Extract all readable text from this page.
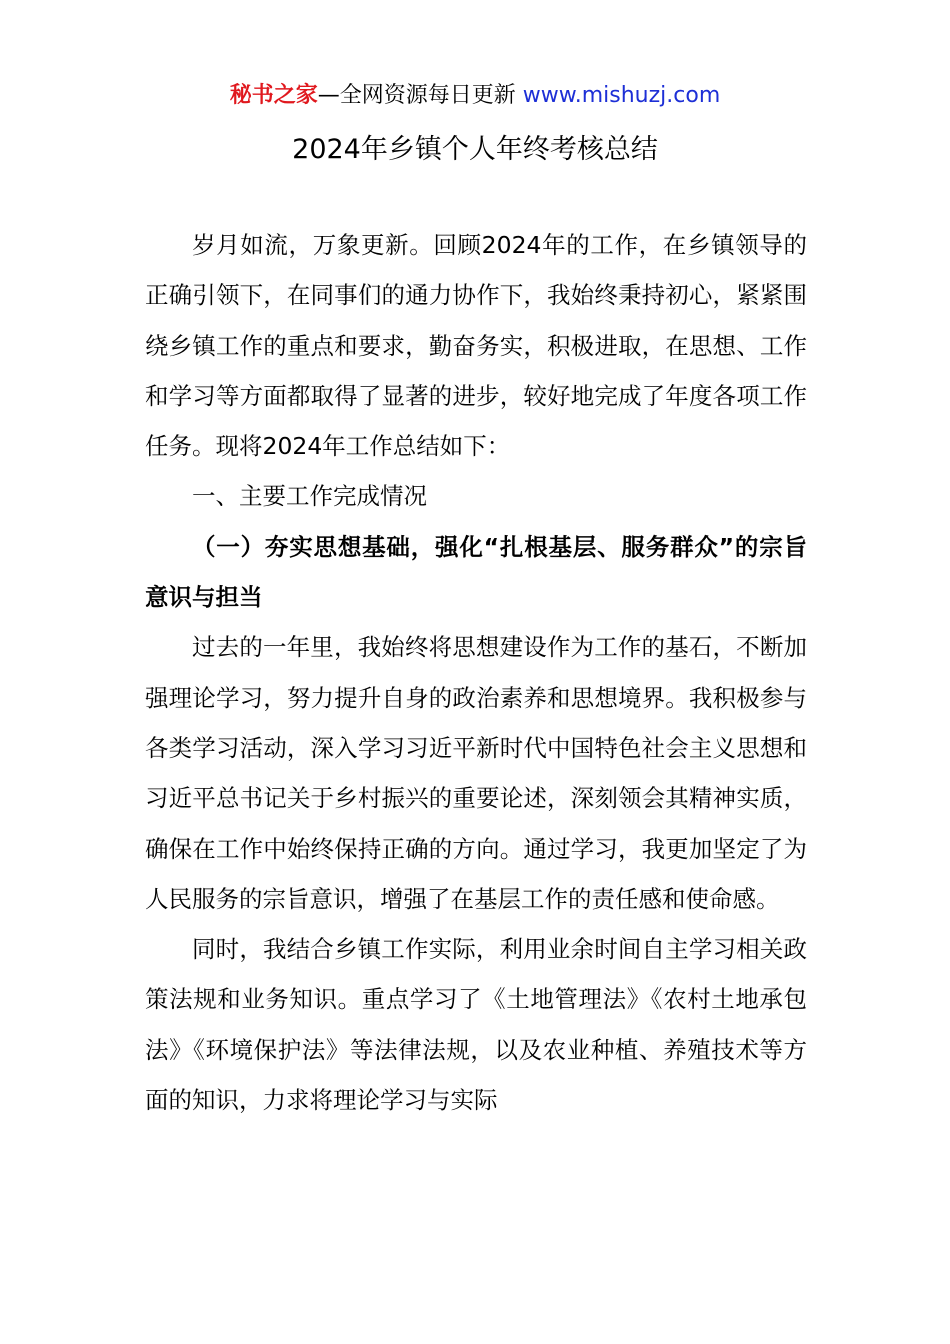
秘书之家—全网资源每日更新 www.mishuzj.com
2024年乡镇个人年终考核总结

岁月如流，万象更新。回顾2024年的工作，在乡镇领导的正确引领下，在同事们的通力协作下，我始终秉持初心，紧紧围绕乡镇工作的重点和要求，勤奋务实，积极进取，在思想、工作和学习等方面都取得了显著的进步，较好地完成了年度各项工作任务。现将2024年工作总结如下：

一、主要工作完成情况

（一）夯实思想基础，强化“扎根基层、服务群众”的宗旨意识与担当

过去的一年里，我始终将思想建设作为工作的基石，不断加强理论学习，努力提升自身的政治素养和思想境界。我积极参与各类学习活动，深入学习习近平新时代中国特色社会主义思想和习近平总书记关于乡村振兴的重要论述，深刻领会其精神实质，确保在工作中始终保持正确的方向。通过学习，我更加坚定了为人民服务的宗旨意识，增强了在基层工作的责任感和使命感。

同时，我结合乡镇工作实际，利用业余时间自主学习相关政策法规和业务知识。重点学习了《土地管理法》《农村土地承包法》《环境保护法》等法律法规，以及农业种植、养殖技术等方面的知识，力求将理论学习与实际
